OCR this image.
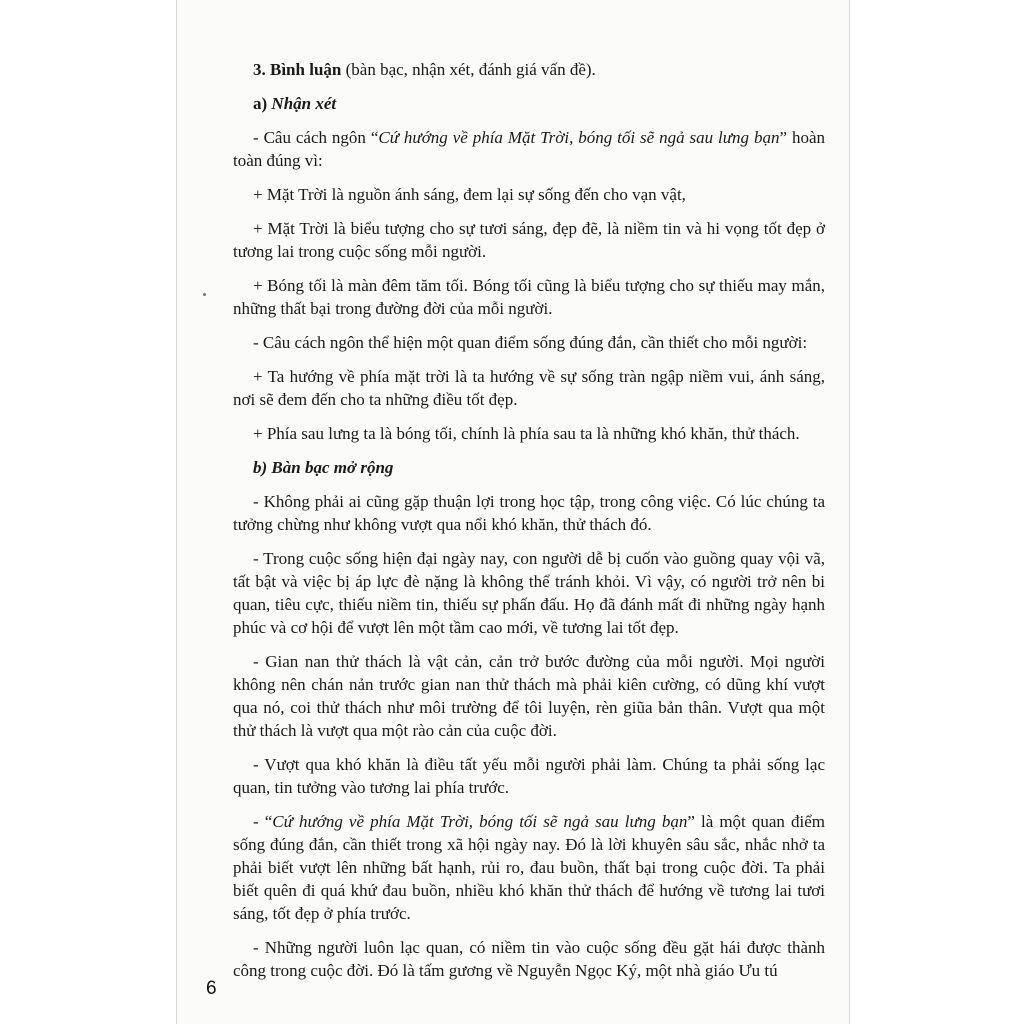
3. Bình luận (bàn bạc, nhận xét, đánh giá vấn đề).

a) Nhận xét

- Câu cách ngôn “Cứ hướng về phía Mặt Trời, bóng tối sẽ ngả sau lưng bạn” hoàn toàn đúng vì:

+ Mặt Trời là nguồn ánh sáng, đem lại sự sống đến cho vạn vật,

+ Mặt Trời là biểu tượng cho sự tươi sáng, đẹp đẽ, là niềm tin và hi vọng tốt đẹp ở tương lai trong cuộc sống mỗi người.

+ Bóng tối là màn đêm tăm tối. Bóng tối cũng là biểu tượng cho sự thiếu may mắn, những thất bại trong đường đời của mỗi người.

- Câu cách ngôn thể hiện một quan điểm sống đúng đắn, cần thiết cho mỗi người:

+ Ta hướng về phía mặt trời là ta hướng về sự sống tràn ngập niềm vui, ánh sáng, nơi sẽ đem đến cho ta những điều tốt đẹp.

+ Phía sau lưng ta là bóng tối, chính là phía sau ta là những khó khăn, thử thách.

b) Bàn bạc mở rộng

- Không phải ai cũng gặp thuận lợi trong học tập, trong công việc. Có lúc chúng ta tưởng chừng như không vượt qua nổi khó khăn, thử thách đó.

- Trong cuộc sống hiện đại ngày nay, con người dễ bị cuốn vào guồng quay vội vã, tất bật và việc bị áp lực đè nặng là không thể tránh khỏi. Vì vậy, có người trở nên bi quan, tiêu cực, thiếu niềm tin, thiếu sự phấn đấu. Họ đã đánh mất đi những ngày hạnh phúc và cơ hội để vượt lên một tầm cao mới, về tương lai tốt đẹp.

- Gian nan thử thách là vật cản, cản trở bước đường của mỗi người. Mọi người không nên chán nản trước gian nan thử thách mà phải kiên cường, có dũng khí vượt qua nó, coi thử thách như môi trường để tôi luyện, rèn giũa bản thân. Vượt qua một thử thách là vượt qua một rào cản của cuộc đời.

- Vượt qua khó khăn là điều tất yếu mỗi người phải làm. Chúng ta phải sống lạc quan, tin tưởng vào tương lai phía trước.

- “Cứ hướng về phía Mặt Trời, bóng tối sẽ ngả sau lưng bạn” là một quan điểm sống đúng đắn, cần thiết trong xã hội ngày nay. Đó là lời khuyên sâu sắc, nhắc nhở ta phải biết vượt lên những bất hạnh, rủi ro, đau buồn, thất bại trong cuộc đời. Ta phải biết quên đi quá khứ đau buồn, nhiều khó khăn thử thách để hướng về tương lai tươi sáng, tốt đẹp ở phía trước.

- Những người luôn lạc quan, có niềm tin vào cuộc sống đều gặt hái được thành công trong cuộc đời. Đó là tấm gương về Nguyễn Ngọc Ký, một nhà giáo Ưu tú

6
